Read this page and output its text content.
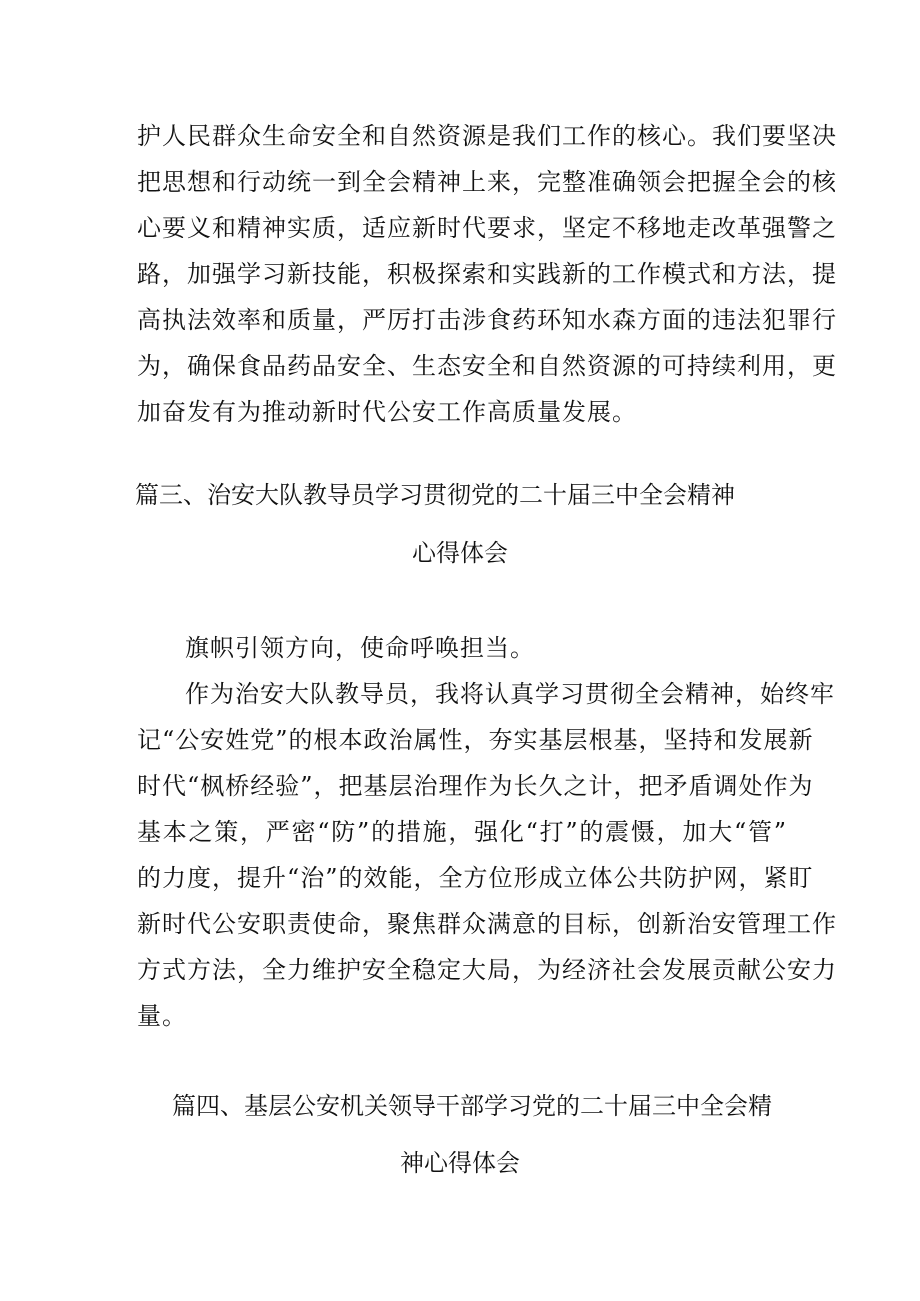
护人民群众生命安全和自然资源是我们工作的核心。我们要坚决
把思想和行动统一到全会精神上来，完整准确领会把握全会的核
心要义和精神实质，适应新时代要求，坚定不移地走改革强警之
路，加强学习新技能，积极探索和实践新的工作模式和方法，提
高执法效率和质量，严厉打击涉食药环知水森方面的违法犯罪行
为，确保食品药品安全、生态安全和自然资源的可持续利用，更
加奋发有为推动新时代公安工作高质量发展。
篇三、治安大队教导员学习贯彻党的二十届三中全会精神
心得体会
旗帜引领方向，使命呼唤担当。
作为治安大队教导员，我将认真学习贯彻全会精神，始终牢
记“公安姓党”的根本政治属性，夯实基层根基，坚持和发展新
时代“枫桥经验”，把基层治理作为长久之计，把矛盾调处作为
基本之策，严密“防”的措施，强化“打”的震慑，加大“管”
的力度，提升“治”的效能，全方位形成立体公共防护网，紧盯
新时代公安职责使命，聚焦群众满意的目标，创新治安管理工作
方式方法，全力维护安全稳定大局，为经济社会发展贡献公安力
量。
篇四、基层公安机关领导干部学习党的二十届三中全会精
神心得体会
